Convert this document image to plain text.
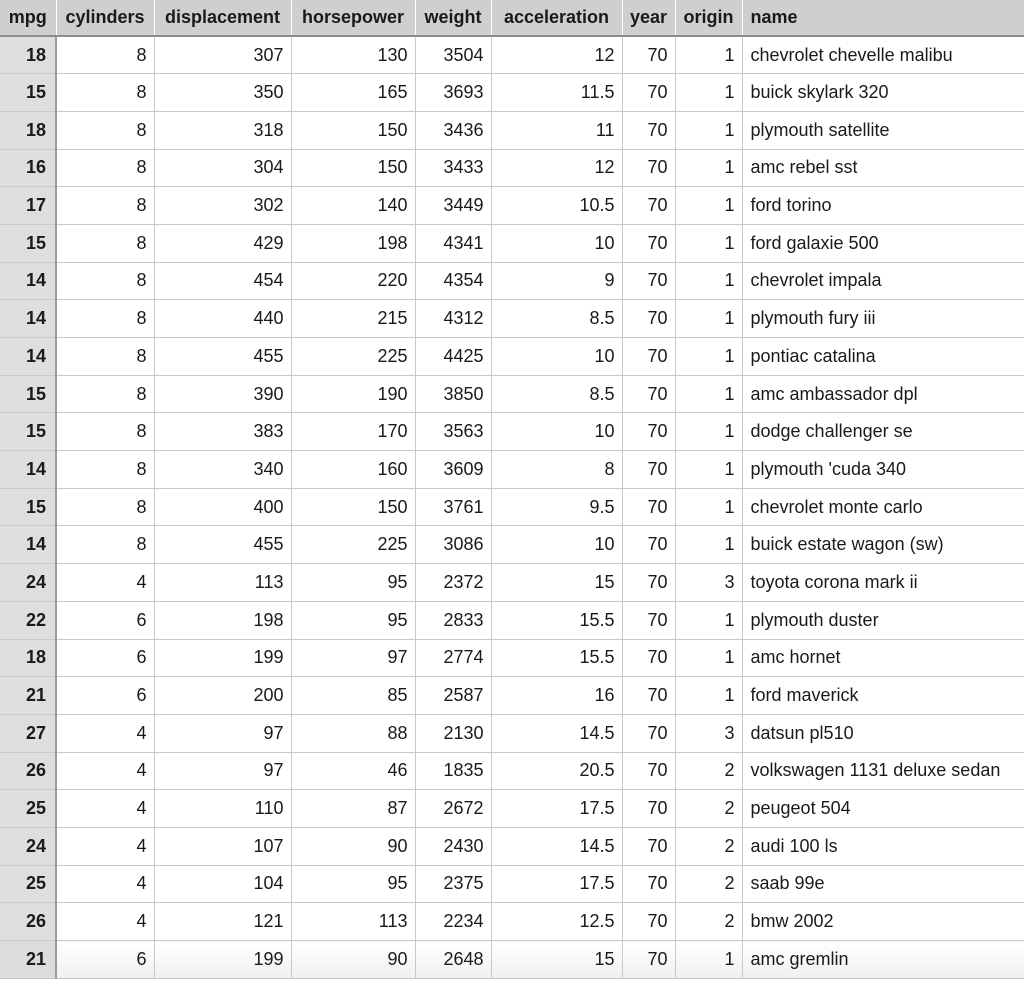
mpg	cylinders	displacement	horsepower	weight	acceleration	year	origin	name
18	8	307	130	3504	12	70	1	chevrolet chevelle malibu
15	8	350	165	3693	11.5	70	1	buick skylark 320
18	8	318	150	3436	11	70	1	plymouth satellite
16	8	304	150	3433	12	70	1	amc rebel sst
17	8	302	140	3449	10.5	70	1	ford torino
15	8	429	198	4341	10	70	1	ford galaxie 500
14	8	454	220	4354	9	70	1	chevrolet impala
14	8	440	215	4312	8.5	70	1	plymouth fury iii
14	8	455	225	4425	10	70	1	pontiac catalina
15	8	390	190	3850	8.5	70	1	amc ambassador dpl
15	8	383	170	3563	10	70	1	dodge challenger se
14	8	340	160	3609	8	70	1	plymouth 'cuda 340
15	8	400	150	3761	9.5	70	1	chevrolet monte carlo
14	8	455	225	3086	10	70	1	buick estate wagon (sw)
24	4	113	95	2372	15	70	3	toyota corona mark ii
22	6	198	95	2833	15.5	70	1	plymouth duster
18	6	199	97	2774	15.5	70	1	amc hornet
21	6	200	85	2587	16	70	1	ford maverick
27	4	97	88	2130	14.5	70	3	datsun pl510
26	4	97	46	1835	20.5	70	2	volkswagen 1131 deluxe sedan
25	4	110	87	2672	17.5	70	2	peugeot 504
24	4	107	90	2430	14.5	70	2	audi 100 ls
25	4	104	95	2375	17.5	70	2	saab 99e
26	4	121	113	2234	12.5	70	2	bmw 2002
21	6	199	90	2648	15	70	1	amc gremlin
